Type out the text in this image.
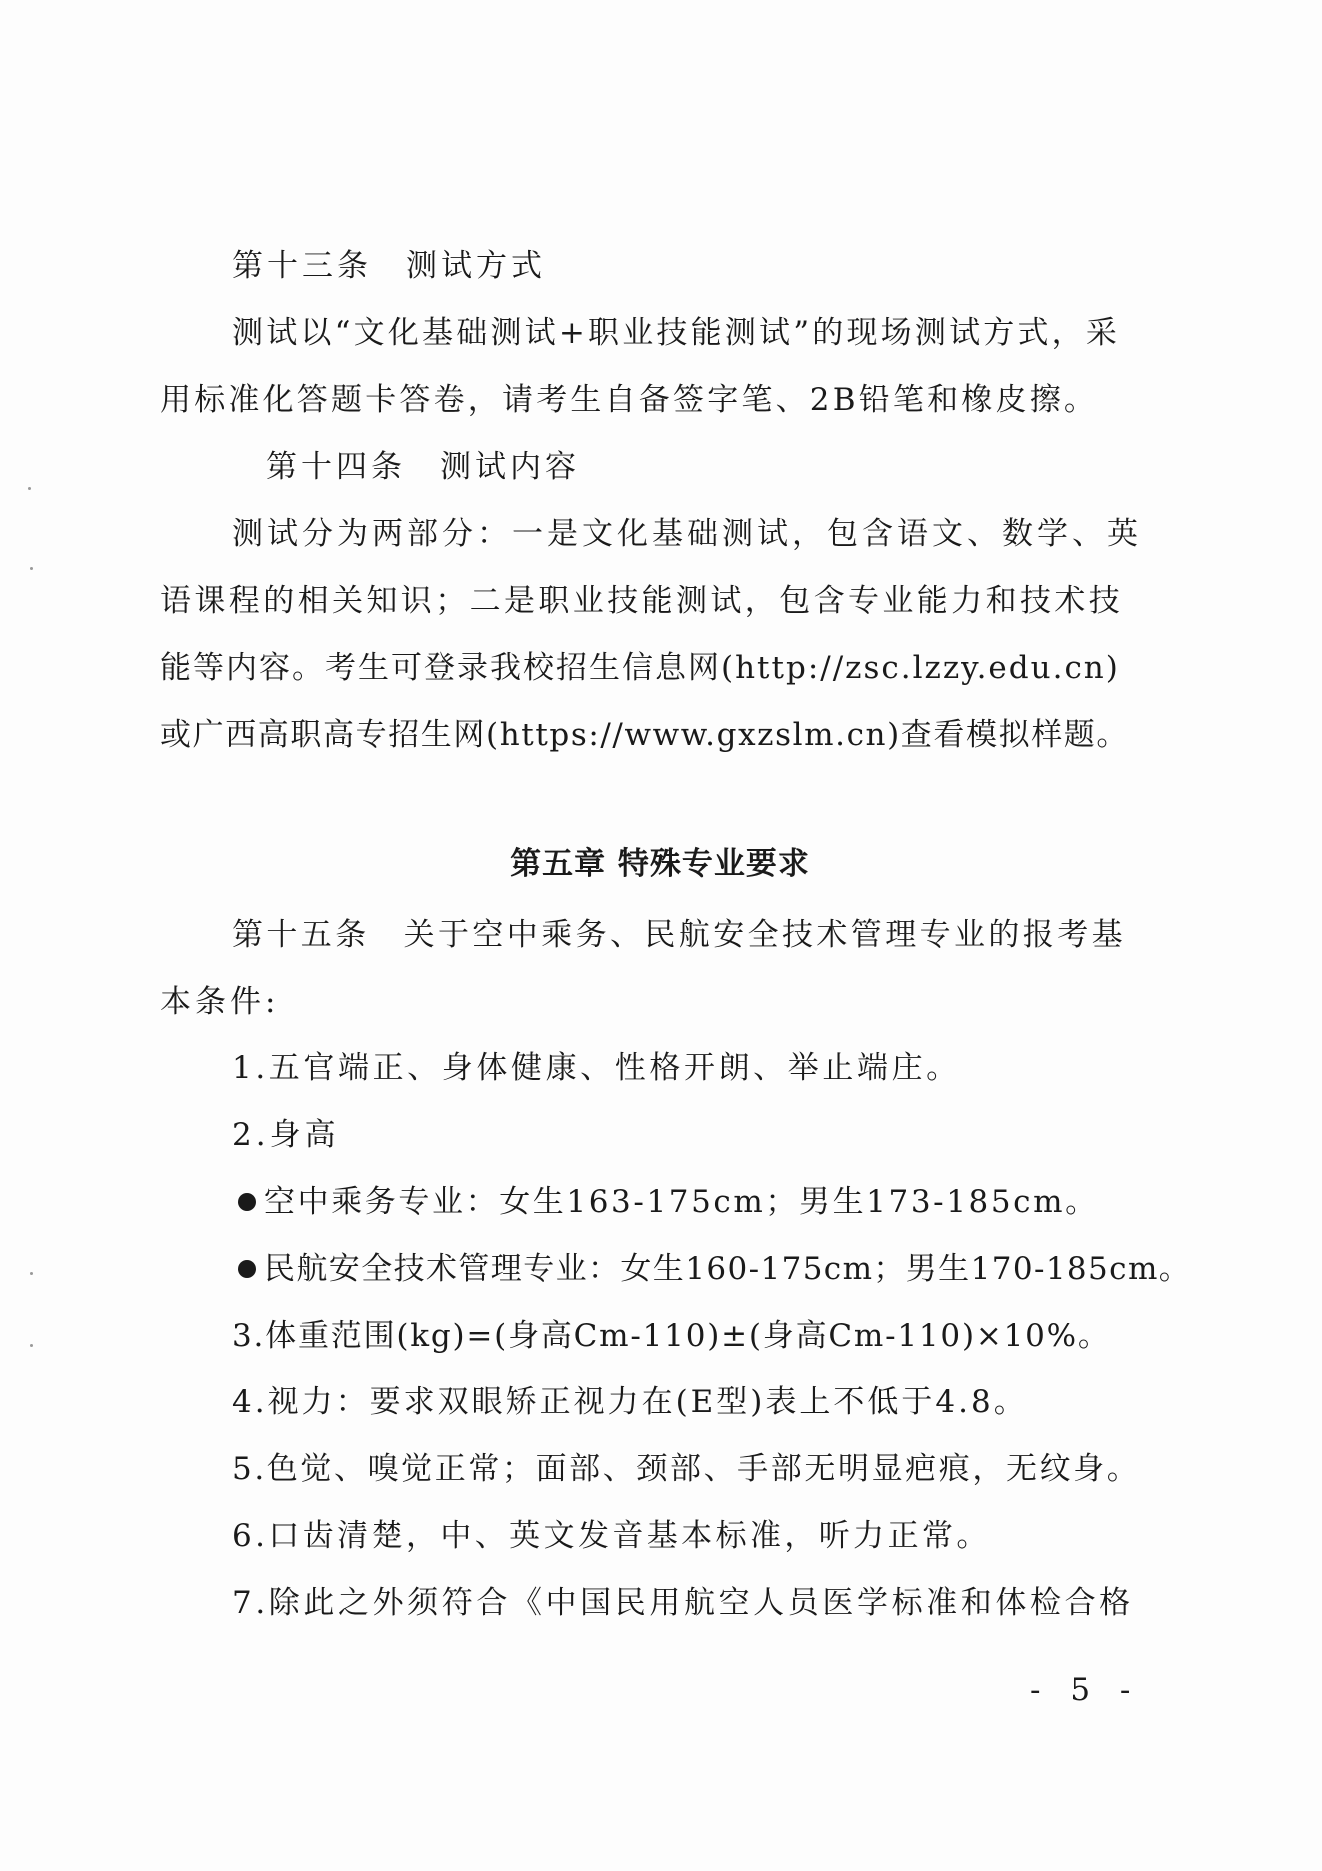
第十三条 测试方式
测试以“文化基础测试+职业技能测试”的现场测试方式，采
用标准化答题卡答卷，请考生自备签字笔、2B铅笔和橡皮擦。
第十四条 测试内容
测试分为两部分：一是文化基础测试，包含语文、数学、英
语课程的相关知识；二是职业技能测试，包含专业能力和技术技
能等内容。考生可登录我校招生信息网(http://zsc.lzzy.edu.cn)
或广西高职高专招生网(https://www.gxzslm.cn)查看模拟样题。
第五章 特殊专业要求
第十五条 关于空中乘务、民航安全技术管理专业的报考基
本条件:
1.五官端正、身体健康、性格开朗、举止端庄。
2.身高
空中乘务专业：女生163-175cm；男生173-185cm。
民航安全技术管理专业：女生160-175cm；男生170-185cm。
3.体重范围(kg)=(身高Cm-110)±(身高Cm-110)×10%。
4.视力：要求双眼矫正视力在(E型)表上不低于4.8。
5.色觉、嗅觉正常；面部、颈部、手部无明显疤痕，无纹身。
6.口齿清楚，中、英文发音基本标准，听力正常。
7.除此之外须符合《中国民用航空人员医学标准和体检合格
- 5 -
